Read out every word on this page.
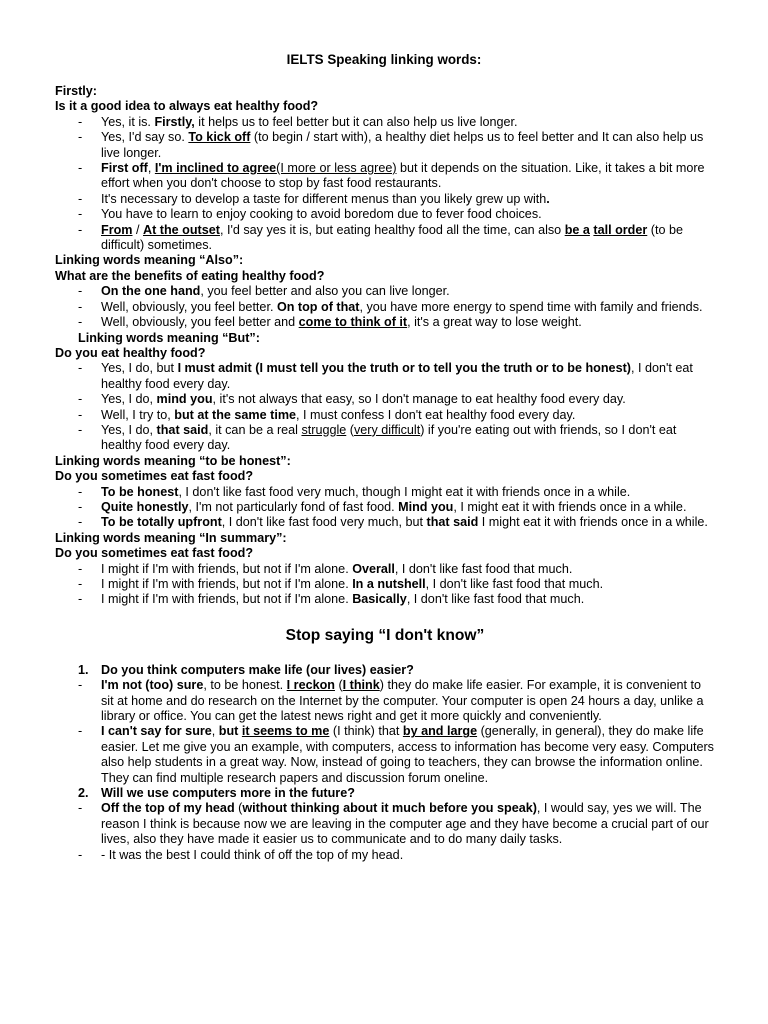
IELTS Speaking linking words:
Firstly:
Is it a good idea to always eat healthy food?
- Yes, it is. Firstly, it helps us to feel better but it can also help us live longer.
- Yes, I'd say so. To kick off (to begin / start with), a healthy diet helps us to feel better and It can also help us live longer.
- First off, I'm inclined to agree(I more or less agree) but it depends on the situation. Like, it takes a bit more effort when you don't choose to stop by fast food restaurants.
- It's necessary to develop a taste for different menus than you likely grew up with.
- You have to learn to enjoy cooking to avoid boredom due to fever food choices.
- From / At the outset, I'd say yes it is, but eating healthy food all the time, can also be a tall order (to be difficult) sometimes.
Linking words meaning “Also”:
What are the benefits of eating healthy food?
- On the one hand, you feel better and also you can live longer.
- Well, obviously, you feel better. On top of that, you have more energy to spend time with family and friends.
- Well, obviously, you feel better and come to think of it, it's a great way to lose weight.
Linking words meaning “But”:
Do you eat healthy food?
- Yes, I do, but I must admit (I must tell you the truth or to tell you the truth or to be honest), I don't eat healthy food every day.
- Yes, I do, mind you, it's not always that easy, so I don't manage to eat healthy food every day.
- Well, I try to, but at the same time, I must confess I don't eat healthy food every day.
- Yes, I do, that said, it can be a real struggle (very difficult) if you're eating out with friends, so I don't eat healthy food every day.
Linking words meaning “to be honest”:
Do you sometimes eat fast food?
- To be honest, I don't like fast food very much, though I might eat it with friends once in a while.
- Quite honestly, I'm not particularly fond of fast food. Mind you, I might eat it with friends once in a while.
- To be totally upfront, I don't like fast food very much, but that said I might eat it with friends once in a while.
Linking words meaning “In summary”:
Do you sometimes eat fast food?
- I might if I'm with friends, but not if I'm alone. Overall, I don't like fast food that much.
- I might if I'm with friends, but not if I'm alone. In a nutshell, I don't like fast food that much.
- I might if I'm with friends, but not if I'm alone. Basically, I don't like fast food that much.
Stop saying “I don't know”
1. Do you think computers make life (our lives) easier?
- I'm not (too) sure, to be honest. I reckon (I think) they do make life easier. For example, it is convenient to sit at home and do research on the Internet by the computer. Your computer is open 24 hours a day, unlike a library or office. You can get the latest news right and get it more quickly and conveniently.
- I can't say for sure, but it seems to me (I think) that by and large (generally, in general), they do make life easier. Let me give you an example, with computers, access to information has become very easy. Computers also help students in a great way. Now, instead of going to teachers, they can browse the information online. They can find multiple research papers and discussion forum oneline.
2. Will we use computers more in the future?
- Off the top of my head (without thinking about it much before you speak), I would say, yes we will. The reason I think is because now we are leaving in the computer age and they have become a crucial part of our lives, also they have made it easier us to communicate and to do many daily tasks.
- - It was the best I could think of off the top of my head.
